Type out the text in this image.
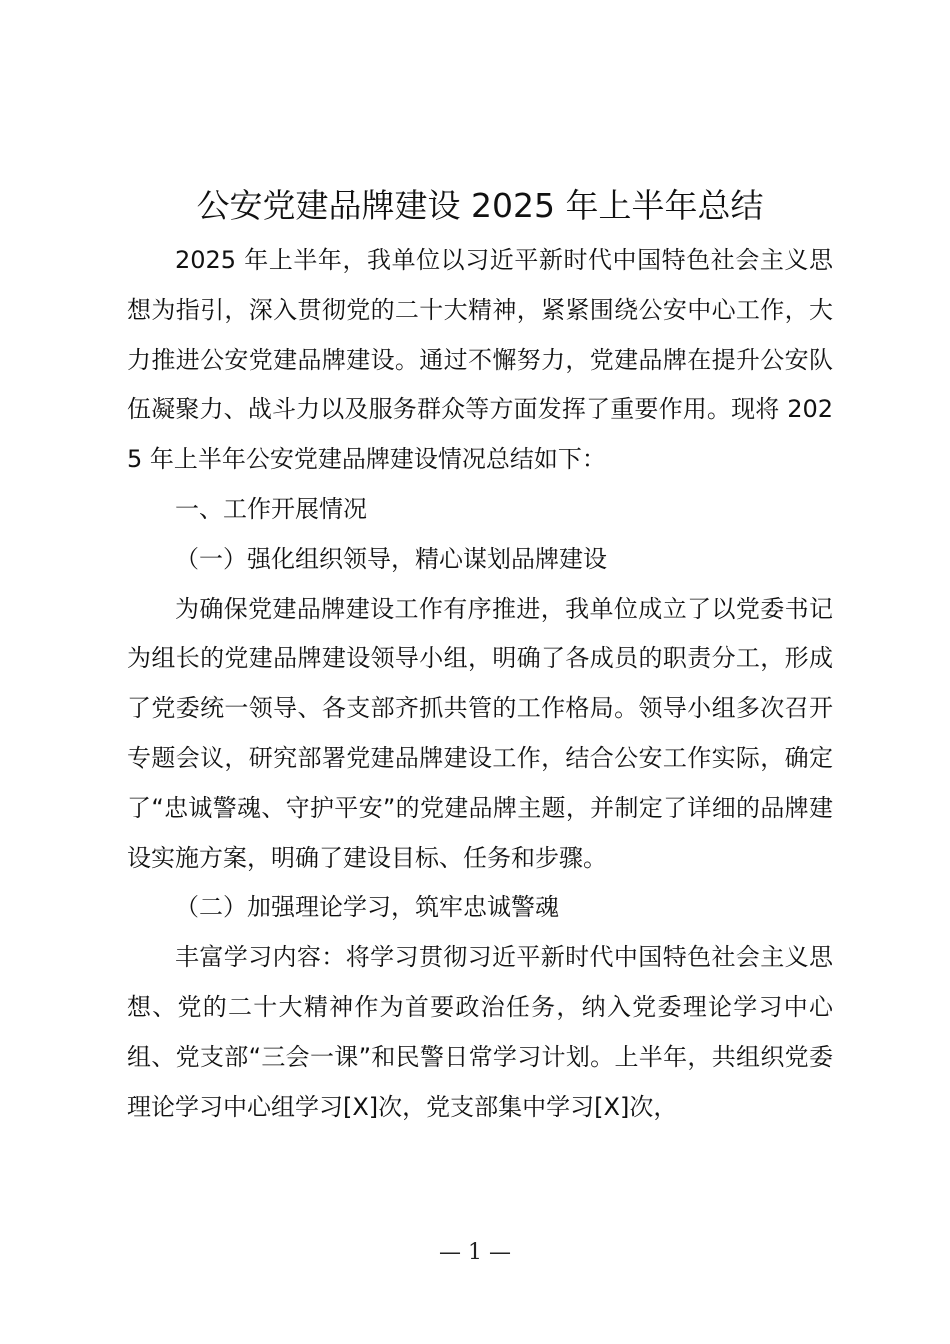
公安党建品牌建设 2025 年上半年总结

2025 年上半年，我单位以习近平新时代中国特色社会主义思想为指引，深入贯彻党的二十大精神，紧紧围绕公安中心工作，大力推进公安党建品牌建设。通过不懈努力，党建品牌在提升公安队伍凝聚力、战斗力以及服务群众等方面发挥了重要作用。现将 2025 年上半年公安党建品牌建设情况总结如下：

一、工作开展情况

（一）强化组织领导，精心谋划品牌建设

为确保党建品牌建设工作有序推进，我单位成立了以党委书记为组长的党建品牌建设领导小组，明确了各成员的职责分工，形成了党委统一领导、各支部齐抓共管的工作格局。领导小组多次召开专题会议，研究部署党建品牌建设工作，结合公安工作实际，确定了“忠诚警魂、守护平安”的党建品牌主题，并制定了详细的品牌建设实施方案，明确了建设目标、任务和步骤。

（二）加强理论学习，筑牢忠诚警魂

丰富学习内容：将学习贯彻习近平新时代中国特色社会主义思想、党的二十大精神作为首要政治任务，纳入党委理论学习中心组、党支部“三会一课”和民警日常学习计划。上半年，共组织党委理论学习中心组学习[X]次，党支部集中学习[X]次，

— 1 —
